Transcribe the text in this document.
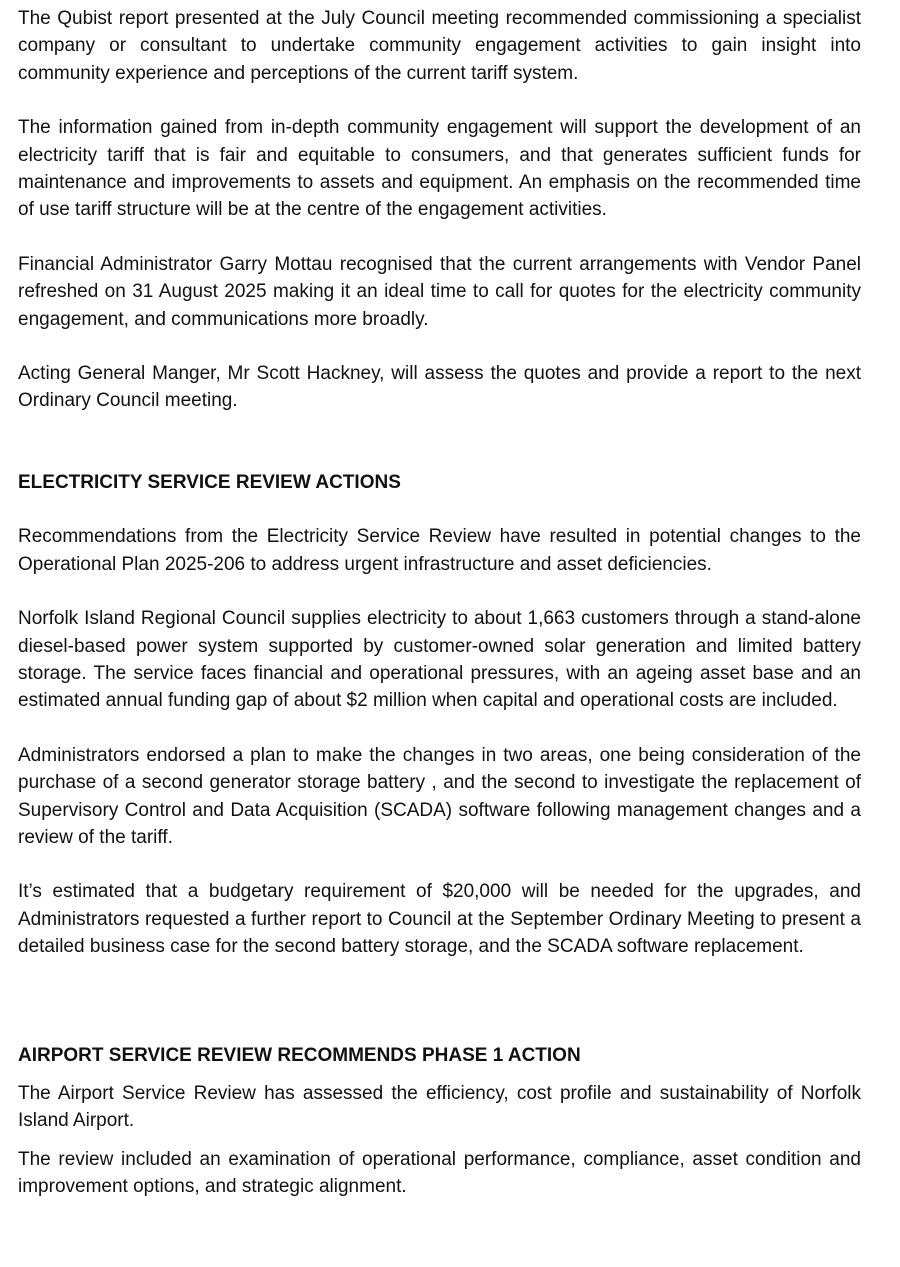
The Qubist report presented at the July Council meeting recommended commissioning a specialist company or consultant to undertake community engagement activities to gain insight into community experience and perceptions of the current tariff system.

The information gained from in-depth community engagement will support the development of an electricity tariff that is fair and equitable to consumers, and that generates sufficient funds for maintenance and improvements to assets and equipment. An emphasis on the recommended time of use tariff structure will be at the centre of the engagement activities.

Financial Administrator Garry Mottau recognised that the current arrangements with Vendor Panel refreshed on 31 August 2025 making it an ideal time to call for quotes for the electricity community engagement, and communications more broadly.

Acting General Manger, Mr Scott Hackney, will assess the quotes and provide a report to the next Ordinary Council meeting.

ELECTRICITY SERVICE REVIEW ACTIONS

Recommendations from the Electricity Service Review have resulted in potential changes to the Operational Plan 2025-206 to address urgent infrastructure and asset deficiencies.

Norfolk Island Regional Council supplies electricity to about 1,663 customers through a stand-alone diesel-based power system supported by customer-owned solar generation and limited battery storage. The service faces financial and operational pressures, with an ageing asset base and an estimated annual funding gap of about $2 million when capital and operational costs are included.

Administrators endorsed a plan to make the changes in two areas, one being consideration of the purchase of a second generator storage battery , and the second to investigate the replacement of Supervisory Control and Data Acquisition (SCADA) software following management changes and a review of the tariff.

It’s estimated that a budgetary requirement of $20,000 will be needed for the upgrades, and Administrators requested a further report to Council at the September Ordinary Meeting to present a detailed business case for the second battery storage, and the SCADA software replacement.

AIRPORT SERVICE REVIEW RECOMMENDS PHASE 1 ACTION

The Airport Service Review has assessed the efficiency, cost profile and sustainability of Norfolk Island Airport.

The review included an examination of operational performance, compliance, asset condition and improvement options, and strategic alignment.
